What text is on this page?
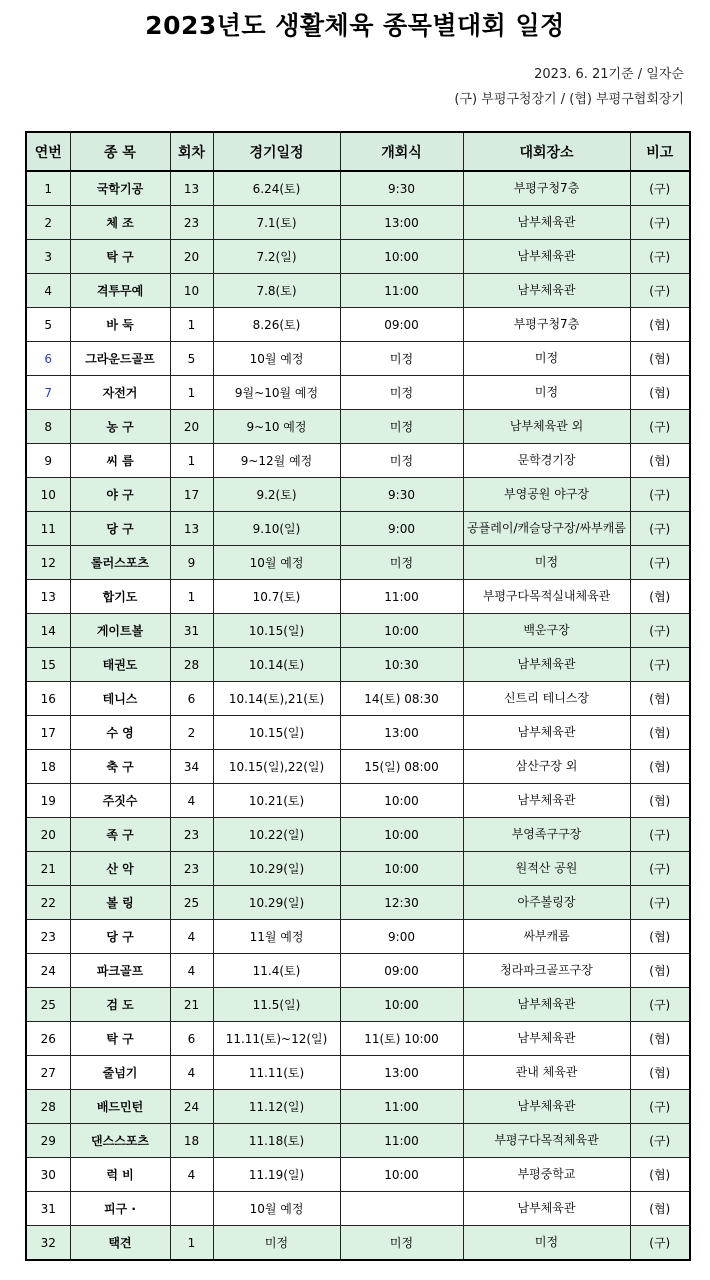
2023년도 생활체육 종목별대회 일정
2023. 6. 21기준 / 일자순
(구) 부평구청장기 / (협) 부평구협회장기
연번	종 목	회차	경기일정	개회식	대회장소	비고
1	국학기공	13	6.24(토)	9:30	부평구청7층	(구)
2	체 조	23	7.1(토)	13:00	남부체육관	(구)
3	탁 구	20	7.2(일)	10:00	남부체육관	(구)
4	격투무예	10	7.8(토)	11:00	남부체육관	(구)
5	바 둑	1	8.26(토)	09:00	부평구청7층	(협)
6	그라운드골프	5	10월 예정	미정	미정	(협)
7	자전거	1	9월~10월 예정	미정	미정	(협)
8	농 구	20	9~10 예정	미정	남부체육관 외	(구)
9	씨 름	1	9~12월 예정	미정	문학경기장	(협)
10	야 구	17	9.2(토)	9:30	부영공원 야구장	(구)
11	당 구	13	9.10(일)	9:00	공플레이/캐슬당구장/싸부캐롬	(구)
12	롤러스포츠	9	10월 예정	미정	미정	(구)
13	합기도	1	10.7(토)	11:00	부평구다목적실내체육관	(협)
14	게이트볼	31	10.15(일)	10:00	백운구장	(구)
15	태권도	28	10.14(토)	10:30	남부체육관	(구)
16	테니스	6	10.14(토),21(토)	14(토) 08:30	신트리 테니스장	(협)
17	수 영	2	10.15(일)	13:00	남부체육관	(협)
18	축 구	34	10.15(일),22(일)	15(일) 08:00	삼산구장 외	(협)
19	주짓수	4	10.21(토)	10:00	남부체육관	(협)
20	족 구	23	10.22(일)	10:00	부영족구구장	(구)
21	산 악	23	10.29(일)	10:00	원적산 공원	(구)
22	볼 링	25	10.29(일)	12:30	아주볼링장	(구)
23	당 구	4	11월 예정	9:00	싸부캐롬	(협)
24	파크골프	4	11.4(토)	09:00	청라파크골프구장	(협)
25	검 도	21	11.5(일)	10:00	남부체육관	(구)
26	탁 구	6	11.11(토)~12(일)	11(토) 10:00	남부체육관	(협)
27	줄넘기	4	11.11(토)	13:00	관내 체육관	(협)
28	배드민턴	24	11.12(일)	11:00	남부체육관	(구)
29	댄스스포츠	18	11.18(토)	11:00	부평구다목적체육관	(구)
30	럭 비	4	11.19(일)	10:00	부평중학교	(협)
31	피구 ·		10월 예정		남부체육관	(협)
32	택견	1	미정	미정	미정	(구)
